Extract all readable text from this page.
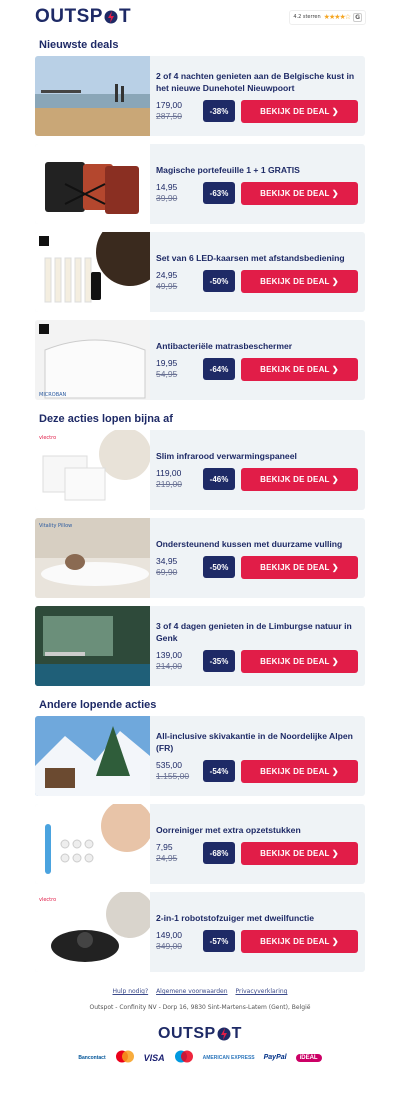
OUTSP T	4.2 sterren ★★★★☆ G
Nieuwste deals
2 of 4 nachten genieten aan de Belgische kust in het nieuwe Dunehotel Nieuwpoort
179,00
287,50	-38%	BEKIJK DE DEAL ❯
Magische portefeuille 1 + 1 GRATIS
14,95
39,90	-63%	BEKIJK DE DEAL ❯
Set van 6 LED-kaarsen met afstandsbediening
24,95
49,95	-50%	BEKIJK DE DEAL ❯
MICROBAN
Antibacteriële matrasbeschermer
19,95
54,95	-64%	BEKIJK DE DEAL ❯
Deze acties lopen bijna af
vlectro
Slim infrarood verwarmingspaneel
119,00
219,00	-46%	BEKIJK DE DEAL ❯
Vitality Pillow
Ondersteunend kussen met duurzame vulling
34,95
69,90	-50%	BEKIJK DE DEAL ❯
3 of 4 dagen genieten in de Limburgse natuur in Genk
139,00
214,00	-35%	BEKIJK DE DEAL ❯
Andere lopende acties
All-inclusive skivakantie in de Noordelijke Alpen (FR)
535,00
1.155,00	-54%	BEKIJK DE DEAL ❯
Oorreiniger met extra opzetstukken
7,95
24,95	-68%	BEKIJK DE DEAL ❯
vlectro
2-in-1 robotstofzuiger met dweilfunctie
149,00
349,00	-57%	BEKIJK DE DEAL ❯
Hulp nodig? Algemene voorwaarden Privacyverklaring
Outspot - Confinity NV - Dorp 16, 9830 Sint-Martens-Latem (Gent), België
OUTSP T
Bancontact	VISA	AMERICAN EXPRESS PayPal	iDEAL
